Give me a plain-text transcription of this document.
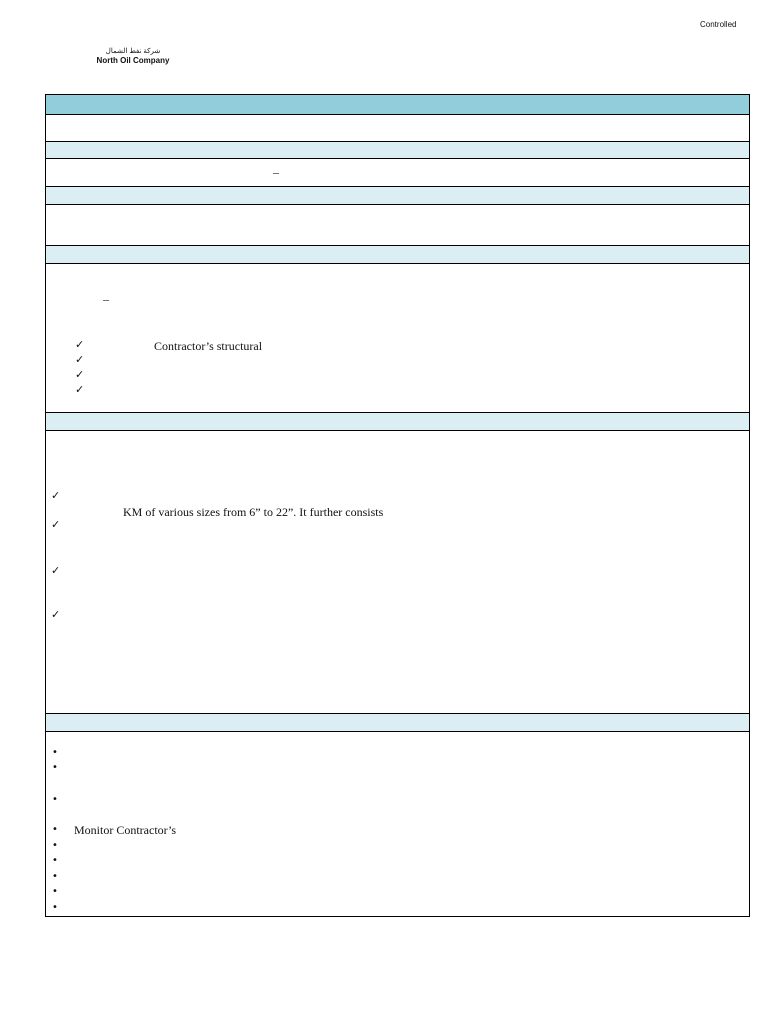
Controlled
شركة نفط الشمال
North Oil Company
–
–
✓	Contractor’s structural
✓
✓
✓
✓
KM of various sizes from 6” to 22”. It further consists
✓
✓
✓
•
•
•
• Monitor Contractor’s
•
•
•
•
•
